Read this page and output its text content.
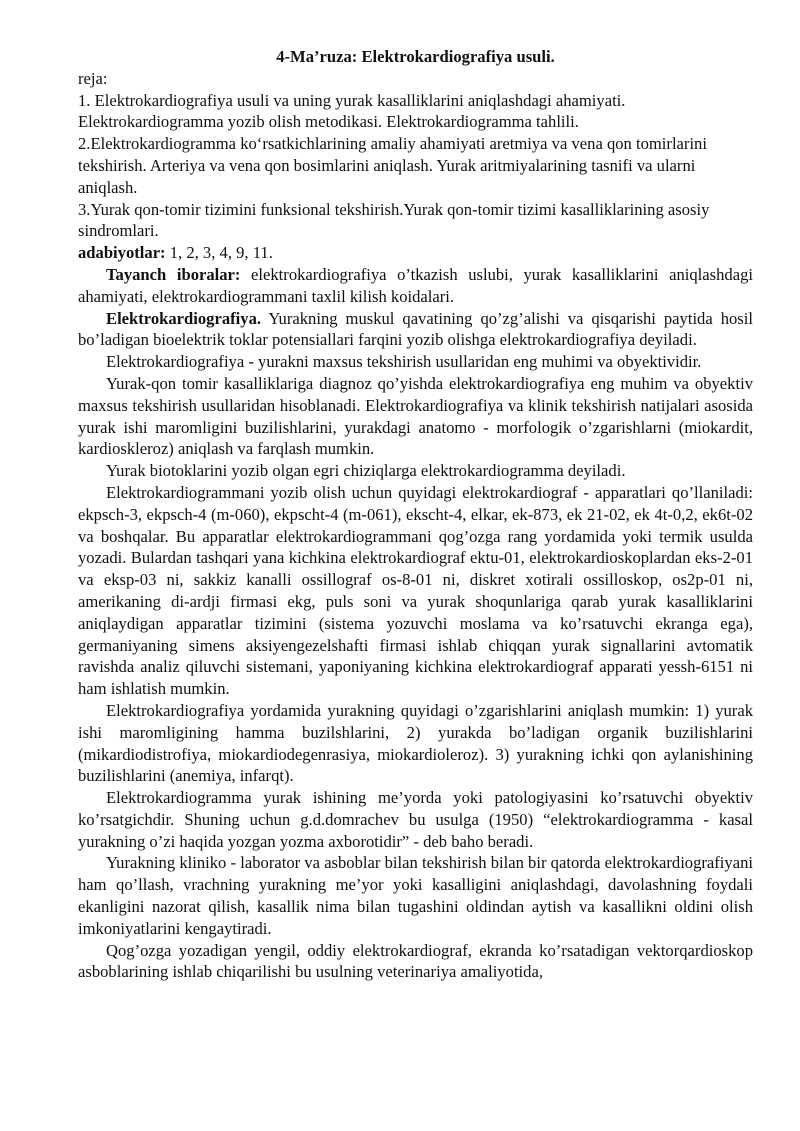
4-Ma’ruza: Elektrokardiografiya usuli.

reja:

1. Elektrokardiografiya usuli va uning yurak kasalliklarini aniqlashdagi ahamiyati. Elektrokardiogramma yozib olish metodikasi. Elektrokardiogramma tahlili.

2.Elektrokardiogramma ko‘rsatkichlarining amaliy ahamiyati aretmiya va vena qon tomirlarini tekshirish. Arteriya va vena qon bosimlarini aniqlash. Yurak aritmiyalarining tasnifi va ularni aniqlash.

3.Yurak qon-tomir tizimini funksional tekshirish.Yurak qon-tomir tizimi kasalliklarining asosiy sindromlari.

adabiyotlar: 1, 2, 3, 4, 9, 11.

Tayanch iboralar: elektrokardiografiya o’tkazish uslubi, yurak kasalliklarini aniqlashdagi ahamiyati, elektrokardiogrammani taxlil kilish koidalari.

Elektrokardiografiya. Yurakning muskul qavatining qo’zg’alishi va qisqarishi paytida hosil bo’ladigan bioelektrik toklar potensiallari farqini yozib olishga elektrokardiografiya deyiladi.

Elektrokardiografiya - yurakni maxsus tekshirish usullaridan eng muhimi va obyektividir.

Yurak-qon tomir kasalliklariga diagnoz qo’yishda elektrokardiografiya eng muhim va obyektiv maxsus tekshirish usullaridan hisoblanadi. Elektrokardiografiya va klinik tekshirish natijalari asosida yurak ishi maromligini buzilishlarini, yurakdagi anatomo - morfologik o’zgarishlarni (miokardit, kardioskleroz) aniqlash va farqlash mumkin.

Yurak biotoklarini yozib olgan egri chiziqlarga elektrokardiogramma deyiladi.

Elektrokardiogrammani yozib olish uchun quyidagi elektrokardiograf - apparatlari qo’llaniladi: ekpsch-3, ekpsch-4 (m-060), ekpscht-4 (m-061), ekscht-4, elkar, ek-873, ek 21-02, ek 4t-0,2, ek6t-02 va boshqalar. Bu apparatlar elektrokardiogrammani qog’ozga rang yordamida yoki termik usulda yozadi. Bulardan tashqari yana kichkina elektrokardiograf ektu-01, elektrokardioskoplardan eks-2-01 va eksp-03 ni, sakkiz kanalli ossillograf os-8-01 ni, diskret xotirali ossilloskop, os2p-01 ni, amerikaning di-ardji firmasi ekg, puls soni va yurak shoqunlariga qarab yurak kasalliklarini aniqlaydigan apparatlar tizimini (sistema yozuvchi moslama va ko’rsatuvchi ekranga ega), germaniyaning simens aksiyengezelshafti firmasi ishlab chiqqan yurak signallarini avtomatik ravishda analiz qiluvchi sistemani, yaponiyaning kichkina elektrokardiograf apparati yessh-6151 ni ham ishlatish mumkin.

Elektrokardiografiya yordamida yurakning quyidagi o’zgarishlarini aniqlash mumkin: 1) yurak ishi maromligining hamma buzilshlarini, 2) yurakda bo’ladigan organik buzilishlarini (mikardiodistrofiya, miokardiodegenrasiya, miokardioleroz). 3) yurakning ichki qon aylanishining buzilishlarini (anemiya, infarqt).

Elektrokardiogramma yurak ishining me’yorda yoki patologiyasini ko’rsatuvchi obyektiv ko’rsatgichdir. Shuning uchun g.d.domrachev bu usulga (1950) “elektrokardiogramma - kasal yurakning o’zi haqida yozgan yozma axborotidir” - deb baho beradi.

Yurakning kliniko - laborator va asboblar bilan tekshirish bilan bir qatorda elektrokardiografiyani ham qo’llash, vrachning yurakning me’yor yoki kasalligini aniqlashdagi, davolashning foydali ekanligini nazorat qilish, kasallik nima bilan tugashini oldindan aytish va kasallikni oldini olish imkoniyatlarini kengaytiradi.

Qog’ozga yozadigan yengil, oddiy elektrokardiograf, ekranda ko’rsatadigan vektorqardioskop asboblarining ishlab chiqarilishi bu usulning veterinariya amaliyotida,
